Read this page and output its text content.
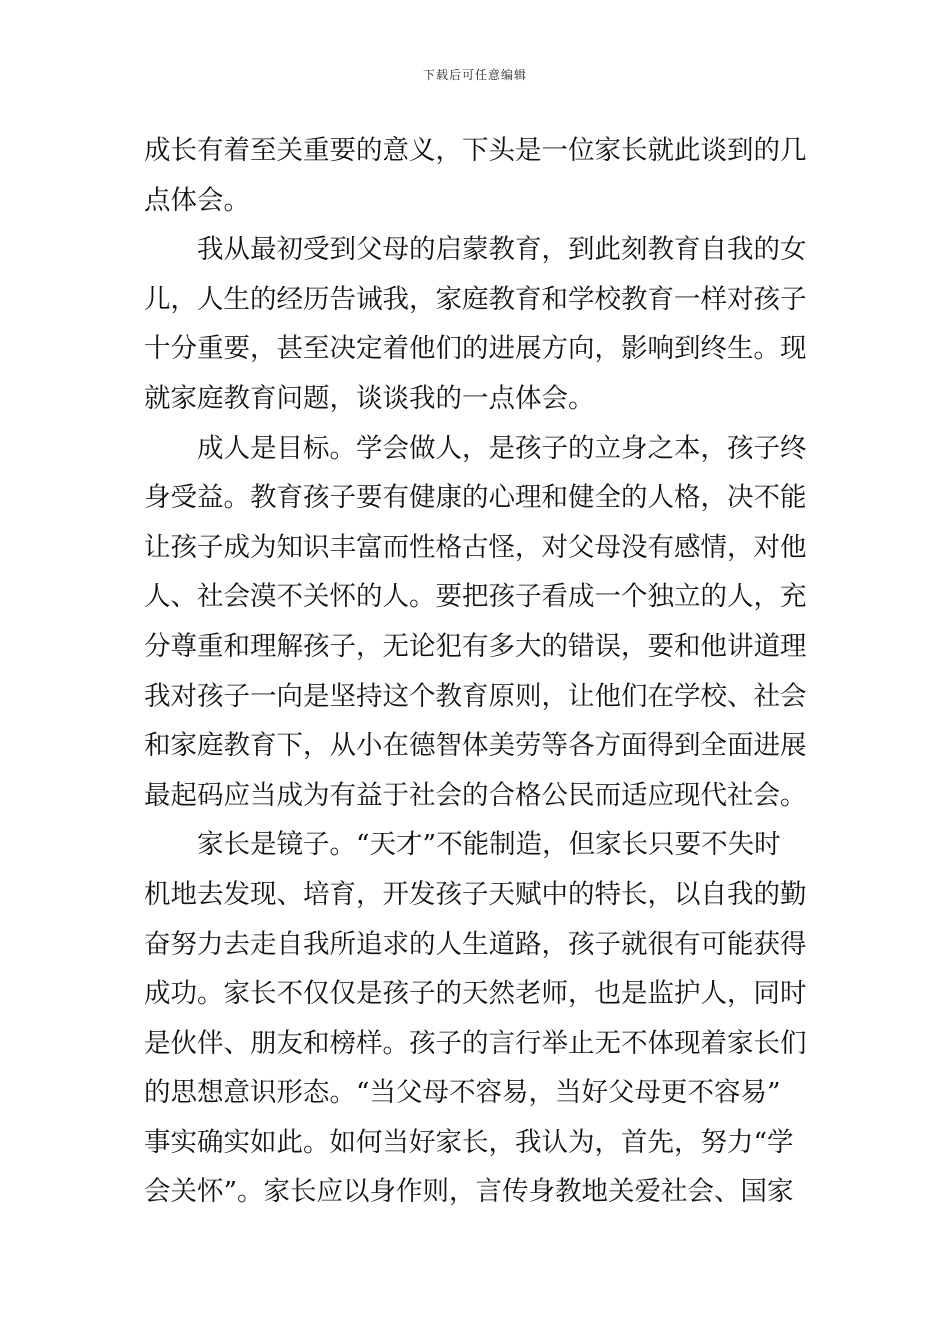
下载后可任意编辑
成长有着至关重要的意义，下头是一位家长就此谈到的几
点体会。
我从最初受到父母的启蒙教育，到此刻教育自我的女
儿，人生的经历告诫我，家庭教育和学校教育一样对孩子
十分重要，甚至决定着他们的进展方向，影响到终生。现
就家庭教育问题，谈谈我的一点体会。
成人是目标。学会做人，是孩子的立身之本，孩子终
身受益。教育孩子要有健康的心理和健全的人格，决不能
让孩子成为知识丰富而性格古怪，对父母没有感情，对他
人、社会漠不关怀的人。要把孩子看成一个独立的人，充
分尊重和理解孩子，无论犯有多大的错误，要和他讲道理
我对孩子一向是坚持这个教育原则，让他们在学校、社会
和家庭教育下，从小在德智体美劳等各方面得到全面进展
最起码应当成为有益于社会的合格公民而适应现代社会。
家长是镜子。“天才”不能制造，但家长只要不失时
机地去发现、培育，开发孩子天赋中的特长，以自我的勤
奋努力去走自我所追求的人生道路，孩子就很有可能获得
成功。家长不仅仅是孩子的天然老师，也是监护人，同时
是伙伴、朋友和榜样。孩子的言行举止无不体现着家长们
的思想意识形态。“当父母不容易，当好父母更不容易”
事实确实如此。如何当好家长，我认为，首先，努力“学
会关怀”。家长应以身作则，言传身教地关爱社会、国家
